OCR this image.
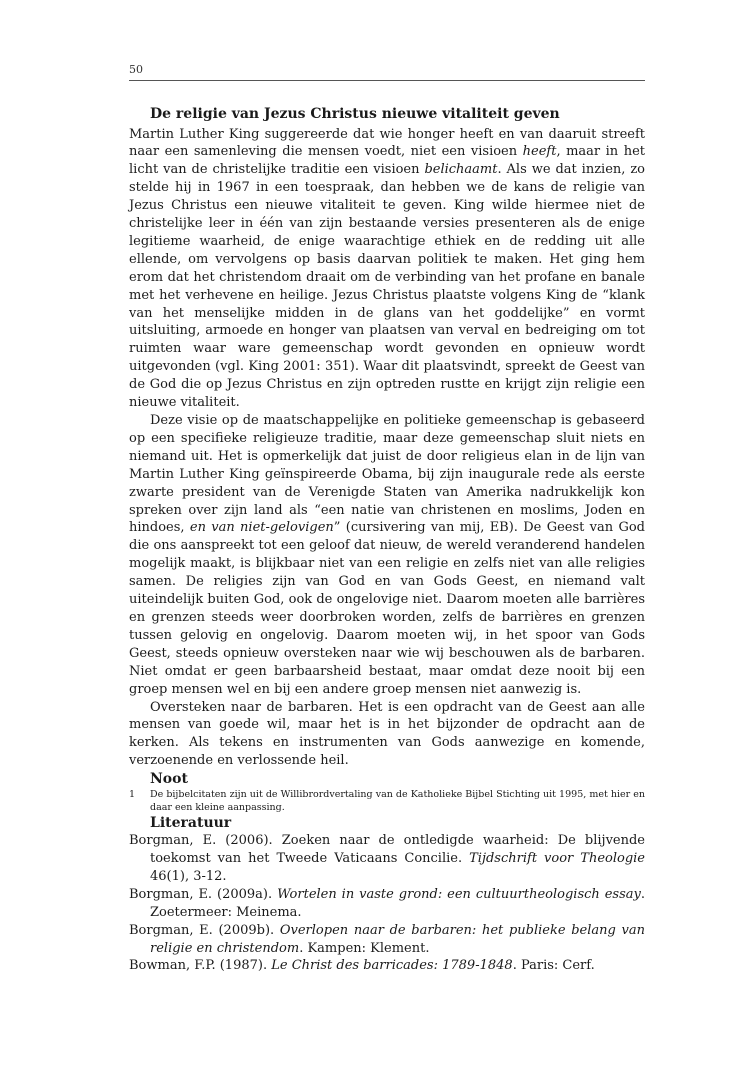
50
De religie van Jezus Christus nieuwe vitaliteit geven

Martin Luther King suggereerde dat wie honger heeft en van daaruit streeft naar een samenleving die mensen voedt, niet een visioen heeft, maar in het licht van de christelijke traditie een visioen belichaamt. Als we dat inzien, zo stelde hij in 1967 in een toespraak, dan hebben we de kans de religie van Jezus Christus een nieuwe vitaliteit te geven. King wilde hiermee niet de christelijke leer in één van zijn bestaande versies presenteren als de enige legitieme waarheid, de enige waarachtige ethiek en de redding uit alle ellende, om vervolgens op basis daarvan politiek te maken. Het ging hem erom dat het christendom draait om de verbinding van het profane en banale met het verhevene en heilige. Jezus Christus plaatste volgens King de “klank van het menselijke midden in de glans van het goddelijke” en vormt uitsluiting, armoede en honger van plaatsen van verval en bedreiging om tot ruimten waar ware gemeenschap wordt gevonden en opnieuw wordt uitgevonden (vgl. King 2001: 351). Waar dit plaatsvindt, spreekt de Geest van de God die op Jezus Christus en zijn optreden rustte en krijgt zijn religie een nieuwe vitaliteit.

Deze visie op de maatschappelijke en politieke gemeenschap is gebaseerd op een specifieke religieuze traditie, maar deze gemeenschap sluit niets en niemand uit. Het is opmerkelijk dat juist de door religieus elan in de lijn van Martin Luther King geïnspireerde Obama, bij zijn inaugurale rede als eerste zwarte president van de Verenigde Staten van Amerika nadrukkelijk kon spreken over zijn land als “een natie van christenen en moslims, Joden en hindoes, en van niet-gelovigen” (cursivering van mij, EB). De Geest van God die ons aanspreekt tot een geloof dat nieuw, de wereld veranderend handelen mogelijk maakt, is blijkbaar niet van een religie en zelfs niet van alle religies samen. De religies zijn van God en van Gods Geest, en niemand valt uiteindelijk buiten God, ook de ongelovige niet. Daarom moeten alle barrières en grenzen steeds weer doorbroken worden, zelfs de barrières en grenzen tussen gelovig en ongelovig. Daarom moeten wij, in het spoor van Gods Geest, steeds opnieuw oversteken naar wie wij beschouwen als de barbaren. Niet omdat er geen barbaarsheid bestaat, maar omdat deze nooit bij een groep mensen wel en bij een andere groep mensen niet aanwezig is.

Oversteken naar de barbaren. Het is een opdracht van de Geest aan alle mensen van goede wil, maar het is in het bijzonder de opdracht aan de kerken. Als tekens en instrumenten van Gods aanwezige en komende, verzoenende en verlossende heil.

Noot
1	De bijbelcitaten zijn uit de Willibrordvertaling van de Katholieke Bijbel Stichting uit 1995, met hier en daar een kleine aanpassing.
Literatuur

Borgman, E. (2006). Zoeken naar de ontledigde waarheid: De blijvende toekomst van het Tweede Vaticaans Concilie. Tijdschrift voor Theologie 46(1), 3-12.

Borgman, E. (2009a). Wortelen in vaste grond: een cultuurtheologisch essay. Zoetermeer: Meinema.

Borgman, E. (2009b). Overlopen naar de barbaren: het publieke belang van religie en christendom. Kampen: Klement.

Bowman, F.P. (1987). Le Christ des barricades: 1789-1848. Paris: Cerf.
